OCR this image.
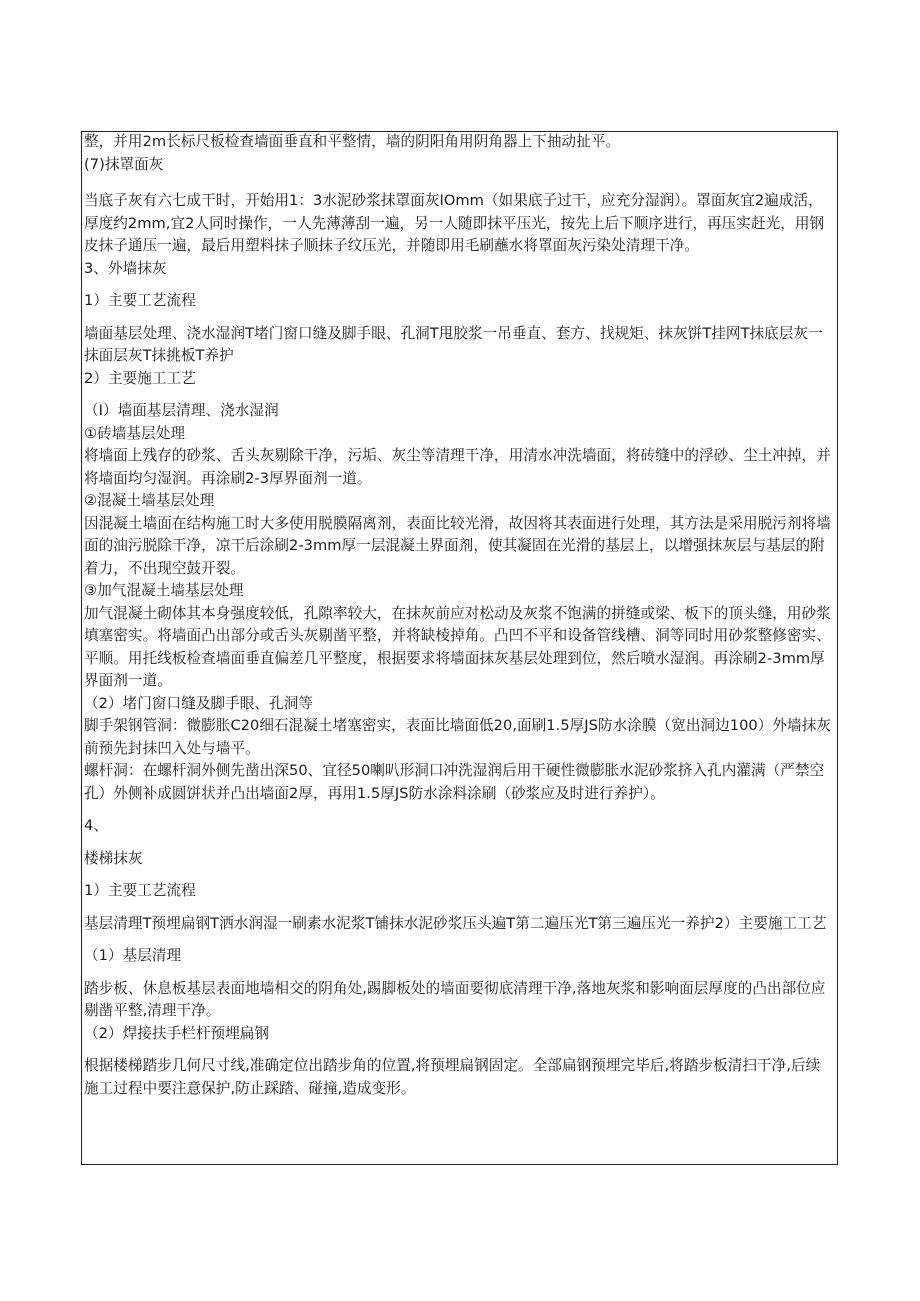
整，并用2m长标尺板检查墙面垂直和平整情，墙的阴阳角用阴角器上下抽动扯平。

(7)抹罩面灰

当底子灰有六七成干时，开始用1：3水泥砂浆抹罩面灰IOmm（如果底子过干，应充分湿润）。罩面灰宜2遍成活，厚度约2mm,宜2人同时操作，一人先薄薄刮一遍，另一人随即抹平压光，按先上后下顺序进行，再压实赶光，用钢皮抹子通压一遍，最后用塑料抹子顺抹子纹压光，并随即用毛刷蘸水将罩面灰污染处清理干净。

3、外墙抹灰

1）主要工艺流程

墙面基层处理、浇水湿润T堵门窗口缝及脚手眼、孔洞T甩胶浆一吊垂直、套方、找规矩、抹灰饼T挂网T抹底层灰一抹面层灰T抹挑板T养护

2）主要施工工艺

（I）墙面基层清理、浇水湿润

①砖墙基层处理

将墙面上残存的砂浆、舌头灰剔除干净，污垢、灰尘等清理干净，用清水冲洗墙面，将砖缝中的浮砂、尘土冲掉，并将墙面均匀湿润。再涂刷2-3厚界面剂一道。

②混凝土墙基层处理

因混凝土墙面在结构施工时大多使用脱膜隔离剂，表面比较光滑，故因将其表面进行处理，其方法是采用脱污剂将墙面的油污脱除干净，凉干后涂刷2-3mm厚一层混凝土界面剂，使其凝固在光滑的基层上，以增强抹灰层与基层的附着力，不出现空鼓开裂。

③加气混凝土墙基层处理

加气混凝土砌体其本身强度较低，孔隙率较大，在抹灰前应对松动及灰浆不饱满的拼缝或梁、板下的顶头缝，用砂浆填塞密实。将墙面凸出部分或舌头灰剔凿平整，并将缺棱掉角。凸凹不平和设备管线槽、洞等同时用砂浆整修密实、平顺。用托线板检查墙面垂直偏差几平整度，根据要求将墙面抹灰基层处理到位，然后喷水湿润。再涂刷2-3mm厚界面剂一道。

（2）堵门窗口缝及脚手眼、孔洞等

脚手架钢管洞：微膨胀C20细石混凝土堵塞密实，表面比墙面低20,面刷1.5厚JS防水涂膜（宽出洞边100）外墙抹灰前预先封抹凹入处与墙平。

螺杆洞：在螺杆洞外侧先凿出深50、宜径50喇叭形洞口冲洗湿润后用干硬性微膨胀水泥砂浆挤入孔内灌满（严禁空孔）外侧补成圆饼状并凸出墙面2厚，再用1.5厚JS防水涂料涂刷（砂浆应及时进行养护）。

4、

楼梯抹灰

1）主要工艺流程

基层清理T预埋扁钢T洒水润湿一刷素水泥浆T铺抹水泥砂浆压头遍T第二遍压光T第三遍压光一养护2）主要施工工艺

（1）基层清理

踏步板、休息板基层表面地墙相交的阴角处,踢脚板处的墙面要彻底清理干净,落地灰浆和影响面层厚度的凸出部位应剔凿平整,清理干净。

（2）焊接扶手栏杆预埋扁钢

根据楼梯踏步几何尺寸线,准确定位出踏步角的位置,将预埋扁钢固定。全部扁钢预埋完毕后,将踏步板清扫干净,后续施工过程中要注意保护,防止踩踏、碰撞,造成变形。
